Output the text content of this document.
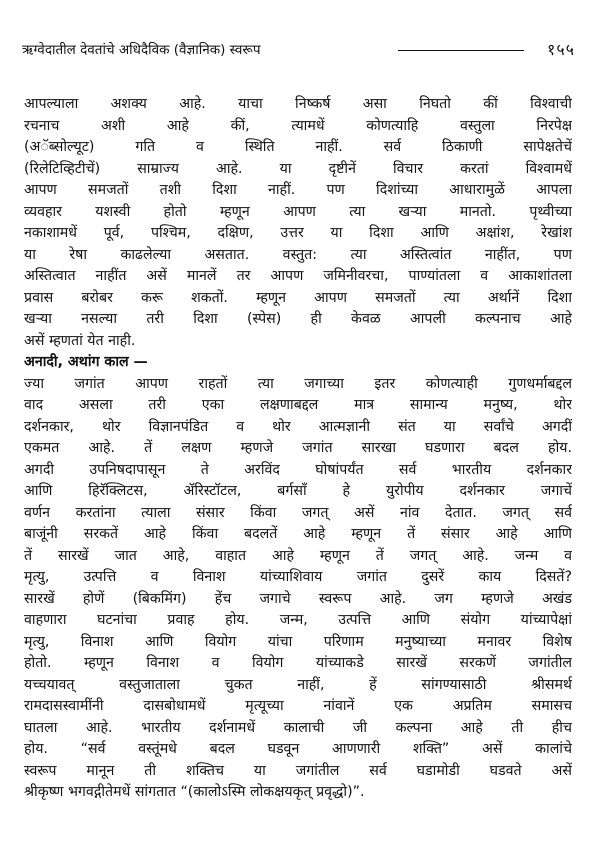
ऋग्वेदातील देवतांचे अधिदैविक (वैज्ञानिक) स्वरूप	१५५
आपल्याला अशक्य आहे. याचा निष्कर्ष असा निघतो कीं विश्वाची
रचनाच अशी आहे कीं, त्यामधें कोणत्याहि वस्तुला निरपेक्ष
(अॅब्सोल्यूट) गति व स्थिति नाहीं. सर्व ठिकाणी सापेक्षतेचें
(रिलेटिव्हिटीचें) साम्राज्य आहे. या दृष्टीनें विचार करतां विश्वामधें
आपण समजतों तशी दिशा नाहीं. पण दिशांच्या आधारामुळें आपला
व्यवहार यशस्वी होतो म्हणून आपण त्या खऱ्या मानतो. पृथ्वीच्या
नकाशामधें पूर्व, पश्चिम, दक्षिण, उत्तर या दिशा आणि अक्षांश, रेखांश
या रेषा काढलेल्या असतात. वस्तुत: त्या अस्तित्वांत नाहींत, पण
अस्तित्वात नाहींत असें मानलें तर आपण जमिनीवरचा, पाण्यांतला व आकाशांतला
प्रवास बरोबर करू शकतों. म्हणून आपण समजतों त्या अर्थानें दिशा
खऱ्या नसल्या तरी दिशा (स्पेस) ही केवळ आपली कल्पनाच आहे
असें म्हणतां येत नाही.
अनादी, अथांग काल —
ज्या जगांत आपण राहतों त्या जगाच्या इतर कोणत्याही गुणधर्माबद्दल
वाद असला तरी एका लक्षणाबद्दल मात्र सामान्य मनुष्य, थोर
दर्शनकार, थोर विज्ञानपंडित व थोर आत्मज्ञानी संत या सर्वांचे अगदीं
एकमत आहे. तें लक्षण म्हणजे जगांत सारखा घडणारा बदल होय.
अगदी उपनिषदापासून ते अरविंद घोषांपर्यंत सर्व भारतीय दर्शनकार
आणि हिरॅक्लिटस, ॲरिस्टॉटल, बर्गसाँ हे युरोपीय दर्शनकार जगाचें
वर्णन करतांना त्याला संसार किंवा जगत् असें नांव देतात. जगत् सर्व
बाजूंनी सरकतें आहे किंवा बदलतें आहे म्हणून तें संसार आहे आणि
तें सारखें जात आहे, वाहात आहे म्हणून तें जगत् आहे. जन्म व
मृत्यु, उत्पत्ति व विनाश यांच्याशिवाय जगांत दुसरें काय दिसतें?
सारखें होणें (बिकमिंग) हेंच जगाचे स्वरूप आहे. जग म्हणजे अखंड
वाहणारा घटनांचा प्रवाह होय. जन्म, उत्पत्ति आणि संयोग यांच्यापेक्षां
मृत्यु, विनाश आणि वियोग यांचा परिणाम मनुष्याच्या मनावर विशेष
होतो. म्हणून विनाश व वियोग यांच्याकडे सारखें सरकणें जगांतील
यच्चयावत् वस्तुजाताला चुकत नाहीं, हें सांगण्यासाठी श्रीसमर्थ
रामदासस्वामींनी दासबोधामधें मृत्यूच्या नांवानें एक अप्रतिम समासच
घातला आहे. भारतीय दर्शनामधें कालाची जी कल्पना आहे ती हीच
होय. “सर्व वस्तूंमधे बदल घडवून आणणारी शक्ति” असें कालांचे
स्वरूप मानून ती शक्तिच या जगांतील सर्व घडामोडी घडवते असें
श्रीकृष्ण भगवद्गीतेमधें सांगतात “(कालोऽस्मि लोकक्षयकृत् प्रवृद्धो)”.
